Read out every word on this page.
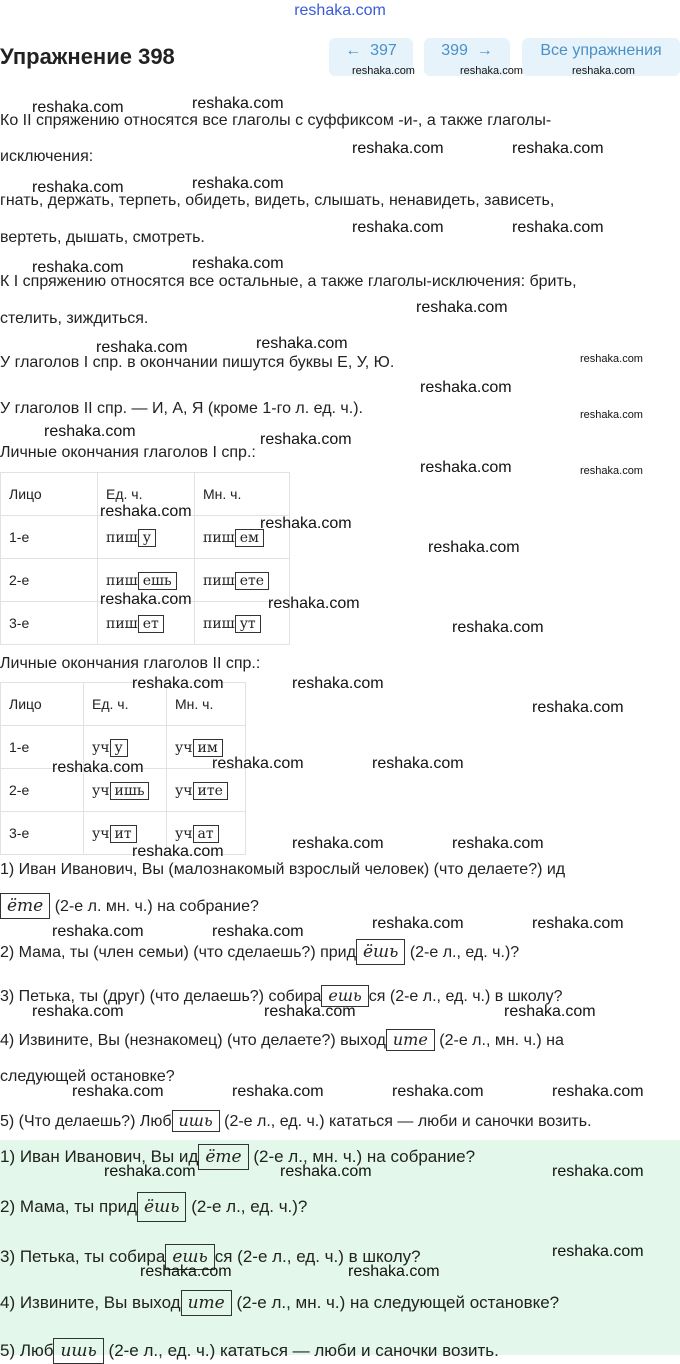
reshaka.com
Упражнение 398	← 397	399 →	Все упражнения
reshaka.com	reshaka.com	reshaka.com
Ко II спряжению относятся все глаголы с суффиксом -и-, а также глаголы-
исключения:
гнать, держать, терпеть, обидеть, видеть, слышать, ненавидеть, зависеть,
вертеть, дышать, смотреть.
К I спряжению относятся все остальные, а также глаголы-исключения: брить,
стелить, зиждиться.
У глаголов I спр. в окончании пишутся буквы Е, У, Ю.
У глаголов II спр. — И, А, Я (кроме 1-го л. ед. ч.).
Личные окончания глаголов I спр.:
Лицо	Ед. ч.	Мн. ч.
1-е	пиш у	пиш ем
2-е	пиш ешь	пиш ете
3-е	пиш ет	пиш ут
Личные окончания глаголов II спр.:
Лицо	Ед. ч.	Мн. ч.
1-е	уч у	уч им
2-е	уч ишь	уч ите
3-е	уч ит	уч ат
1) Иван Иванович, Вы (малознакомый взрослый человек) (что делаете?) ид
ёте (2-е л. мн. ч.) на собрание?
2) Мама, ты (член семьи) (что сделаешь?) прид ёшь (2-е л., ед. ч.)?
3) Петька, ты (друг) (что делаешь?) собира ешь ся (2-е л., ед. ч.) в школу?
4) Извините, Вы (незнакомец) (что делаете?) выход ите (2-е л., мн. ч.) на
следующей остановке?
5) (Что делаешь?) Люб ишь (2-е л., ед. ч.) кататься — люби и саночки возить.
1) Иван Иванович, Вы ид ёте (2-е л., мн. ч.) на собрание?
2) Мама, ты прид ёшь (2-е л., ед. ч.)?
3) Петька, ты собира ешь ся (2-е л., ед. ч.) в школу?
4) Извините, Вы выход ите (2-е л., мн. ч.) на следующей остановке?
5) Люб ишь (2-е л., ед. ч.) кататься — люби и саночки возить.
reshaka.com	reshaka.com
reshaka.com	reshaka.com
reshaka.com	reshaka.com
reshaka.com	reshaka.com
reshaka.com	reshaka.com
reshaka.com
reshaka.com
reshaka.com
reshaka.com
reshaka.com
reshaka.com
reshaka.com	reshaka.com
reshaka.com	reshaka.com
reshaka.com
reshaka.com
reshaka.com
reshaka.com	reshaka.com
reshaka.com
reshaka.com	reshaka.com
reshaka.com
reshaka.com	reshaka.com	reshaka.com
reshaka.com	reshaka.com
reshaka.com
reshaka.com	reshaka.com
reshaka.com	reshaka.com
reshaka.com	reshaka.com	reshaka.com
reshaka.com	reshaka.com	reshaka.com	reshaka.com
reshaka.com	reshaka.com	reshaka.com
reshaka.com
reshaka.com	reshaka.com
